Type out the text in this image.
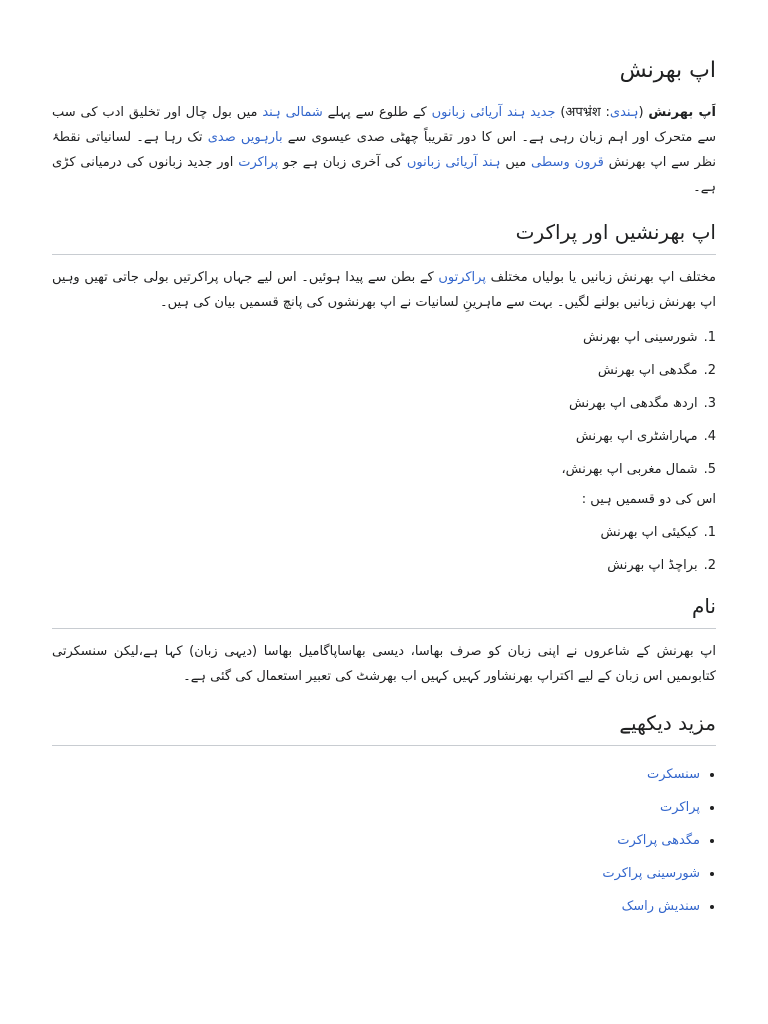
اپ بھرنش

اَپ بھرنش (ہندی: अपभ्रंश) جدید ہند آریائی زبانوں کے طلوع سے پہلے شمالی ہند میں بول چال اور تخلیق ادب کی سب سے متحرک اور اہم زبان رہی ہے۔ اس کا دور تقریباً چھٹی صدی عیسوی سے بارہویں صدی تک رہا ہے۔ لسانیاتی نقطۂ نظر سے اپ بھرنش قرون وسطی میں ہند آریائی زبانوں کی آخری زبان ہے جو پراکرت اور جدید زبانوں کی درمیانی کڑی ہے۔

اپ بھرنشیں اور پراکرت

مختلف اپ بھرنش زبانیں یا بولیاں مختلف پراکرتوں کے بطن سے پیدا ہوئیں۔ اس لیے جہاں پراکرتیں بولی جاتی تھیں وہیں اپ بھرنش زبانیں بولنے لگیں۔ بہت سے ماہرینِ لسانیات نے اپ بھرنشوں کی پانچ قسمیں بیان کی ہیں۔

1.شورسینی اپ بھرنش
2.مگدھی اپ بھرنش
3.اردھ مگدھی اپ بھرنش
4.مہاراشٹری اپ بھرنش
5.شمال مغربی اپ بھرنش،

اس کی دو قسمیں ہیں :

1.کیکیئی اپ بھرنش
2.براچڈ اپ بھرنش
نام

اپ بھرنش کے شاعروں نے اپنی زبان کو صرف بھاسا، دیسی بھاساپاگامیل بھاسا (دیہی زبان) کہا ہے،لیکن سنسکرتی کتابوںمیں اس زبان کے لیے اکتراپ بھرنشاور کہیں کہیں اب بھرشٹ کی تعبیر استعمال کی گئی ہے۔

مزید دیکھیے
• سنسکرت
• پراکرت
• مگدھی پراکرت
• شورسینی پراکرت
• سندیش راسک
